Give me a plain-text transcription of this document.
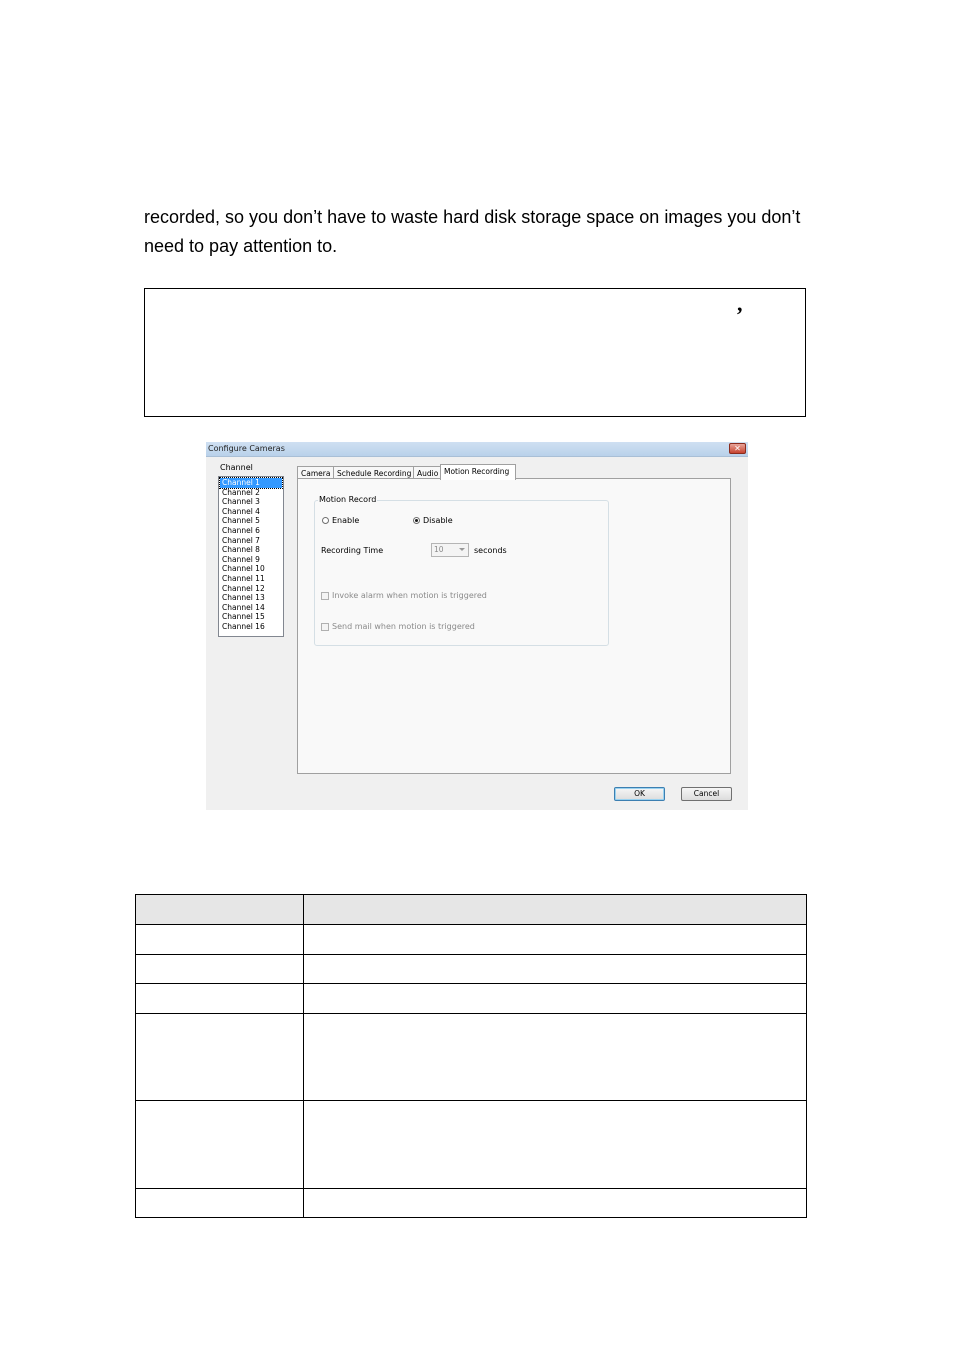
recorded, so you don’t have to waste hard disk storage space on images you don’t need to pay attention to.

,
Configure Cameras	✕
Channel
Channel 1
Channel 2
Channel 3
Channel 4
Channel 5
Channel 6
Channel 7
Channel 8
Channel 9
Channel 10
Channel 11
Channel 12
Channel 13
Channel 14
Channel 15
Channel 16
Camera Schedule Recording Audio Motion Recording
Motion Record
Enable	Disable
Recording Time	10	seconds
Invoke alarm when motion is triggered
Send mail when motion is triggered
OK	Cancel
